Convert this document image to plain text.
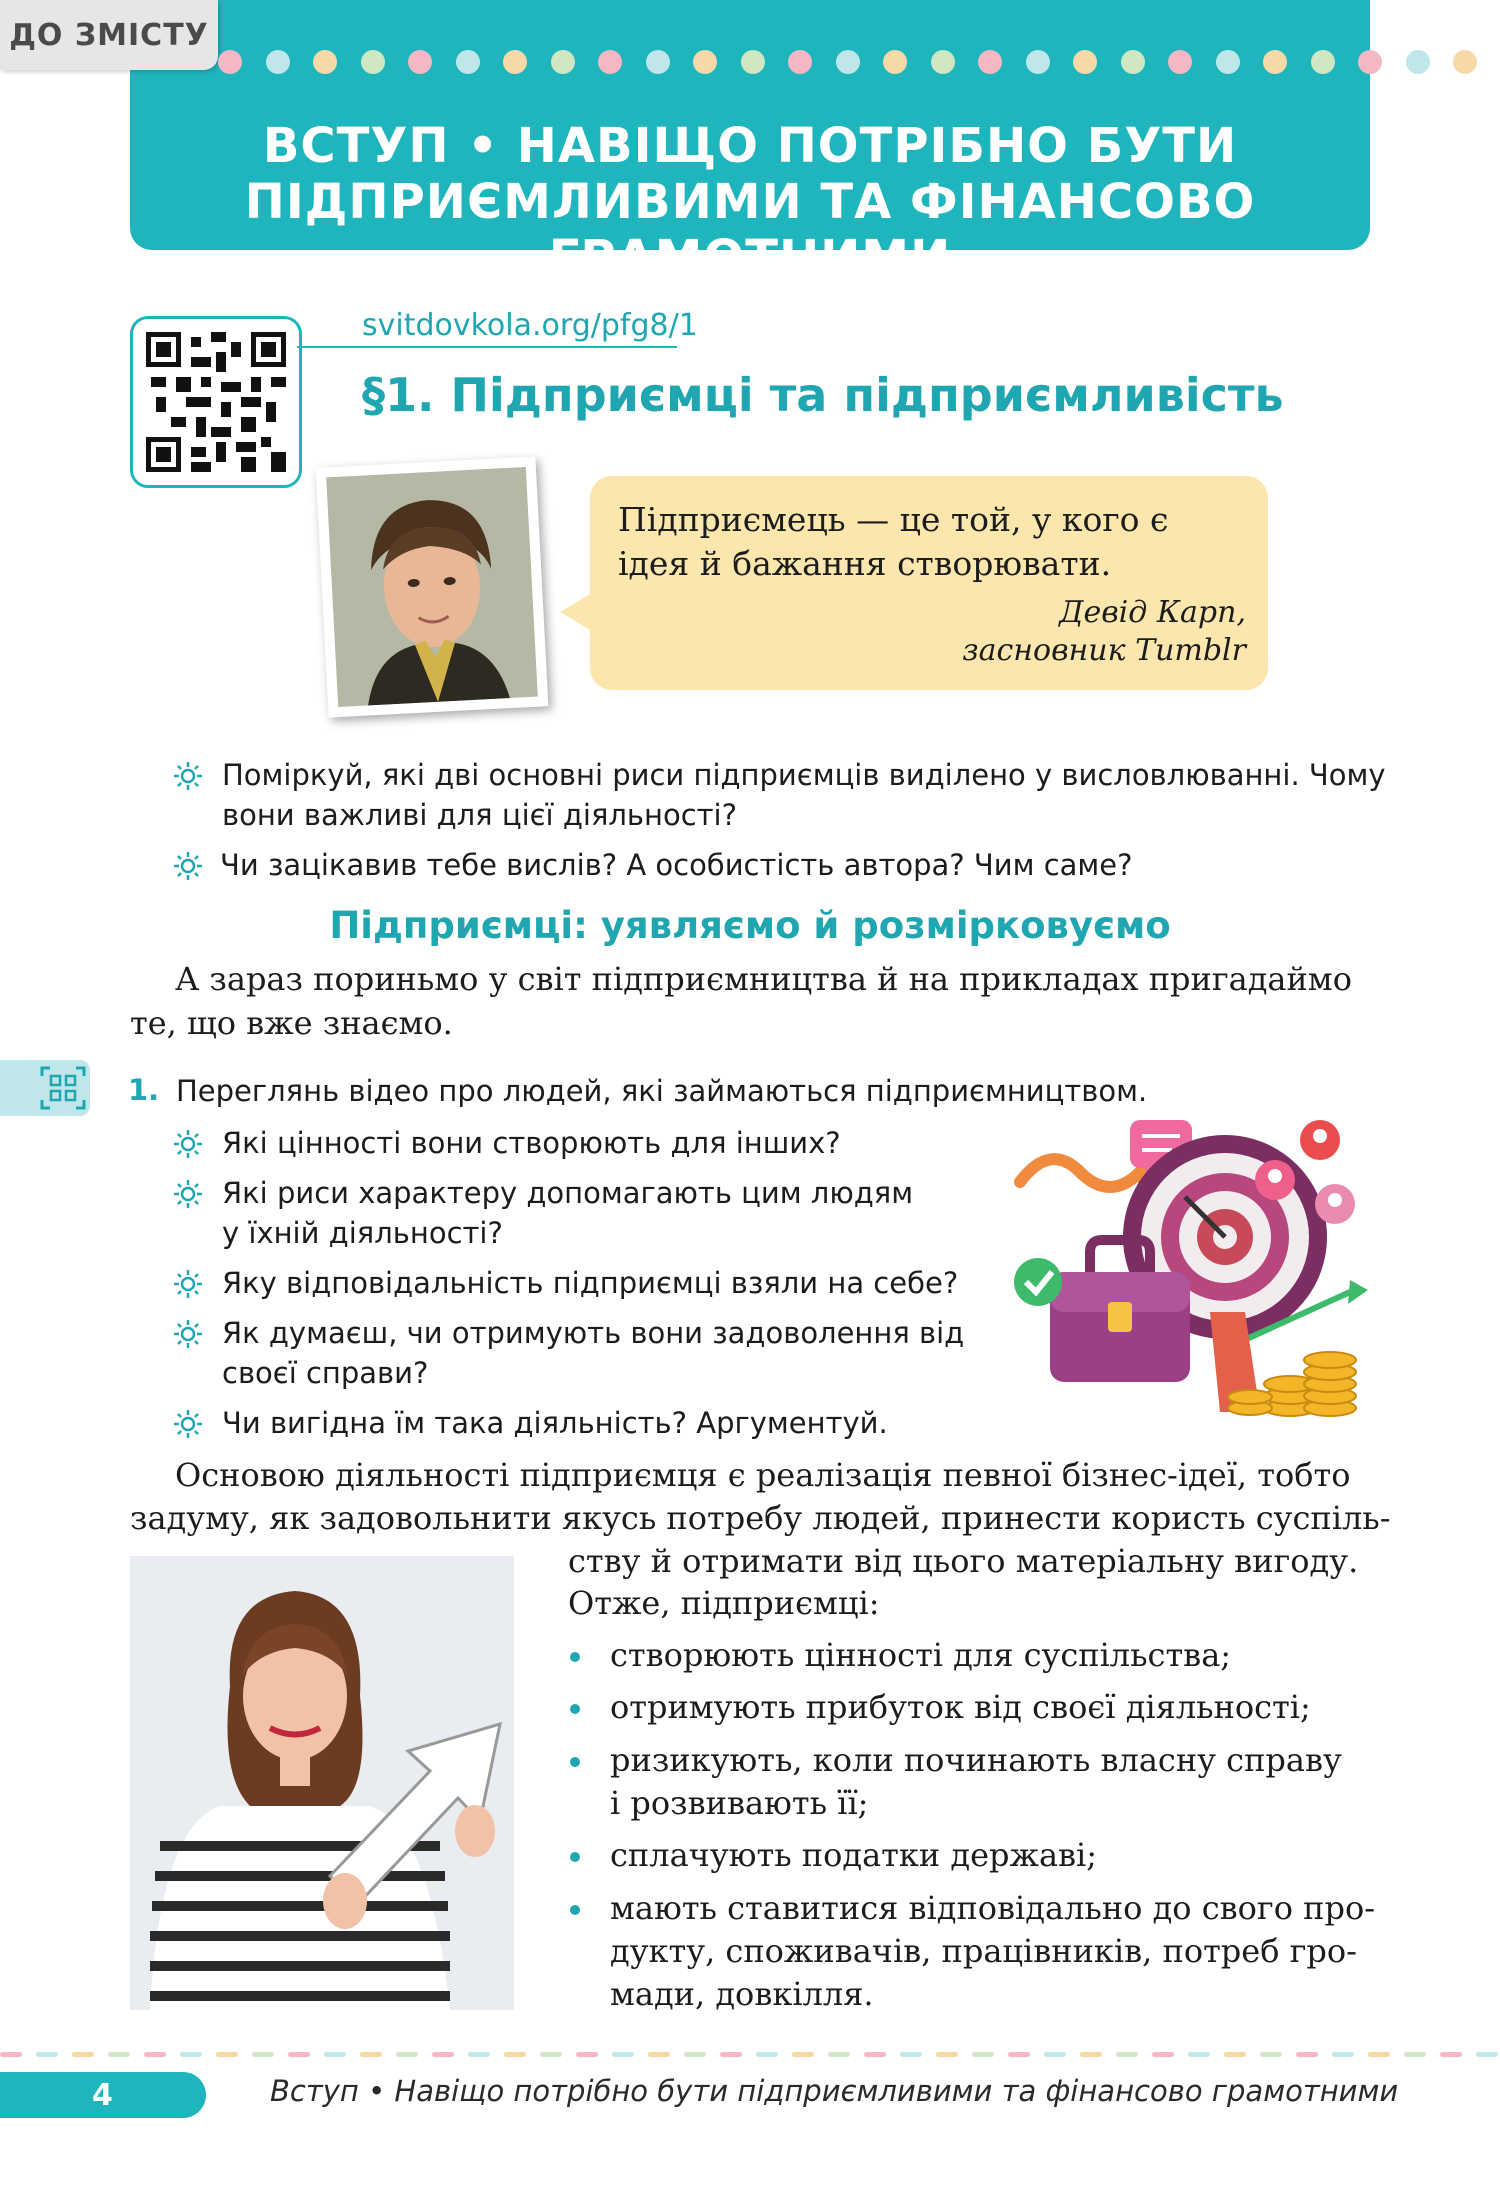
ДО ЗМІСТУ
ВСТУП • НАВІЩО ПОТРІБНО БУТИ
ПІДПРИЄМЛИВИМИ ТА ФІНАНСОВО ГРАМОТНИМИ
svitdovkola.org/pfg8/1
§1. Підприємці та підприємливість
Підприємець — це той, у кого є ідея й бажання створювати.
Девід Карп,
засновник Tumblr
Поміркуй, які дві основні риси підприємців виділено у висловлюванні. Чому
вони важливі для цієї діяльності?
Чи зацікавив тебе вислів? А особистість автора? Чим саме?
Підприємці: уявляємо й розмірковуємо
А зараз пориньмо у світ підприємництва й на прикладах пригадаймо
те, що вже знаємо.
1. Переглянь відео про людей, які займаються підприємництвом.
Які цінності вони створюють для інших?
Які риси характеру допомагають цим людям
у їхній діяльності?
Яку відповідальність підприємці взяли на себе?
Як думаєш, чи отримують вони задоволення від
своєї справи?
Чи вигідна їм така діяльність? Аргументуй.
Основою діяльності підприємця є реалізація певної бізнес-ідеї, тобто
задуму, як задовольнити якусь потребу людей, принести користь суспіль-
ству й отримати від цього матеріальну вигоду.
Отже, підприємці:
створюють цінності для суспільства;
отримують прибуток від своєї діяльності;
ризикують, коли починають власну справу
і розвивають її;
сплачують податки державі;
мають ставитися відповідально до свого про-
дукту, споживачів, працівників, потреб гро-
мади, довкілля.
4	Вступ • Навіщо потрібно бути підприємливими та фінансово грамотними
